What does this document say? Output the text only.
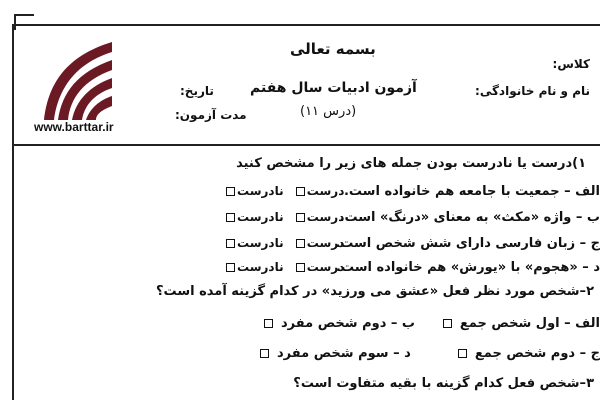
www.barttar.ir
بسمه تعالی
آزمون ادبیات سال هفتم
(درس ۱۱)
کلاس:
نام و نام خانوادگی:
تاریخ:
مدت آزمون:
۱)درست یا نادرست بودن جمله های زیر را مشخص کنید
الف – جمعیت با جامعه هم خانواده است.
درست نادرست
ب – واژه «مکث» به معنای «درنگ» است.
درست نادرست
ج – زبان فارسی دارای شش شخص است.
درست نادرست
د – «هجوم» با «یورش» هم خانواده است.
درست نادرست
۲–شخص مورد نظر فعل «عشق می ورزید» در کدام گزینه آمده است؟
الف – اول شخص جمع
ب – دوم شخص مفرد
ج – دوم شخص جمع
د – سوم شخص مفرد
۳–شخص فعل کدام گزینه با بقیه متفاوت است؟
